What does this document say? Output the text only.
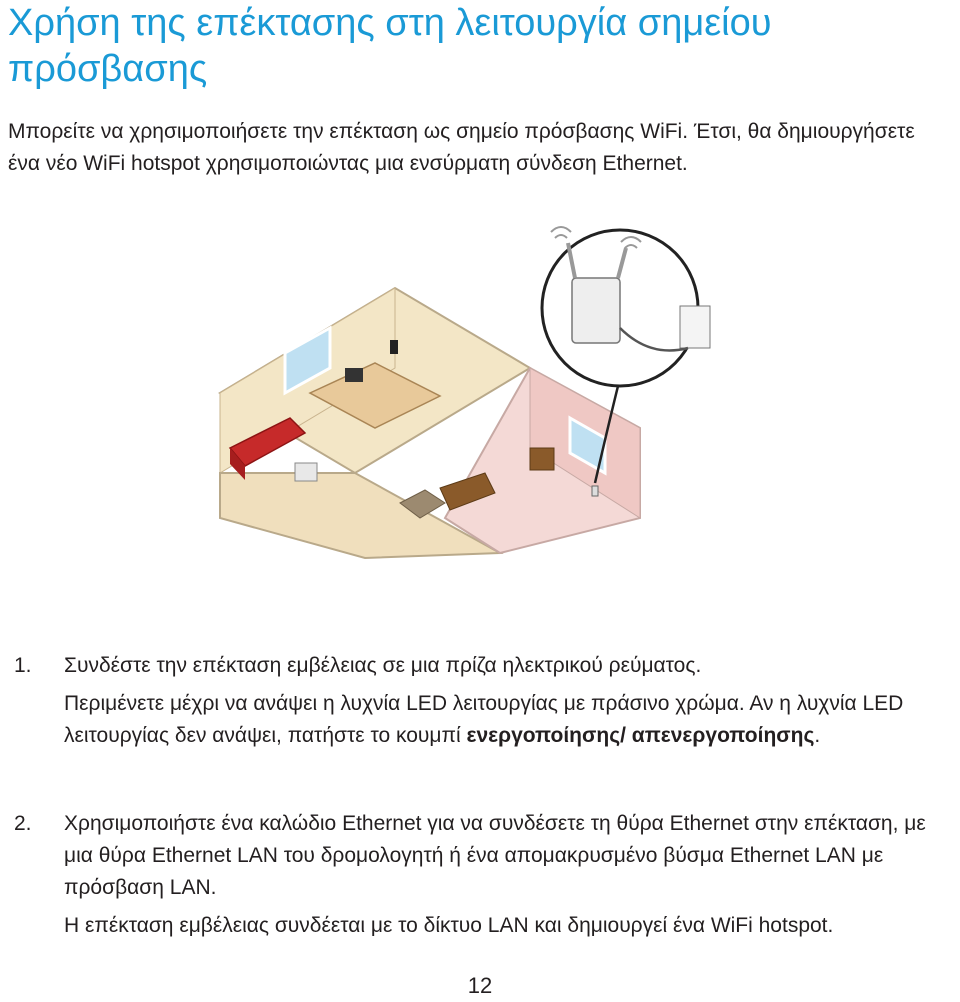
Χρήση της επέκτασης στη λειτουργία σημείου πρόσβασης

Μπορείτε να χρησιμοποιήσετε την επέκταση ως σημείο πρόσβασης WiFi. Έτσι, θα δημιουργήσετε ένα νέο WiFi hotspot χρησιμοποιώντας μια ενσύρματη σύνδεση Ethernet.

1.	Συνδέστε την επέκταση εμβέλειας σε μια πρίζα ηλεκτρικού ρεύματος.

Περιμένετε μέχρι να ανάψει η λυχνία LED λειτουργίας με πράσινο χρώμα. Αν η λυχνία LED λειτουργίας δεν ανάψει, πατήστε το κουμπί ενεργοποίησης/ απενεργοποίησης.

2.	Χρησιμοποιήστε ένα καλώδιο Ethernet για να συνδέσετε τη θύρα Ethernet στην επέκταση, με μια θύρα Ethernet LAN του δρομολογητή ή ένα απομακρυσμένο βύσμα Ethernet LAN με πρόσβαση LAN.

Η επέκταση εμβέλειας συνδέεται με το δίκτυο LAN και δημιουργεί ένα WiFi hotspot.

12
